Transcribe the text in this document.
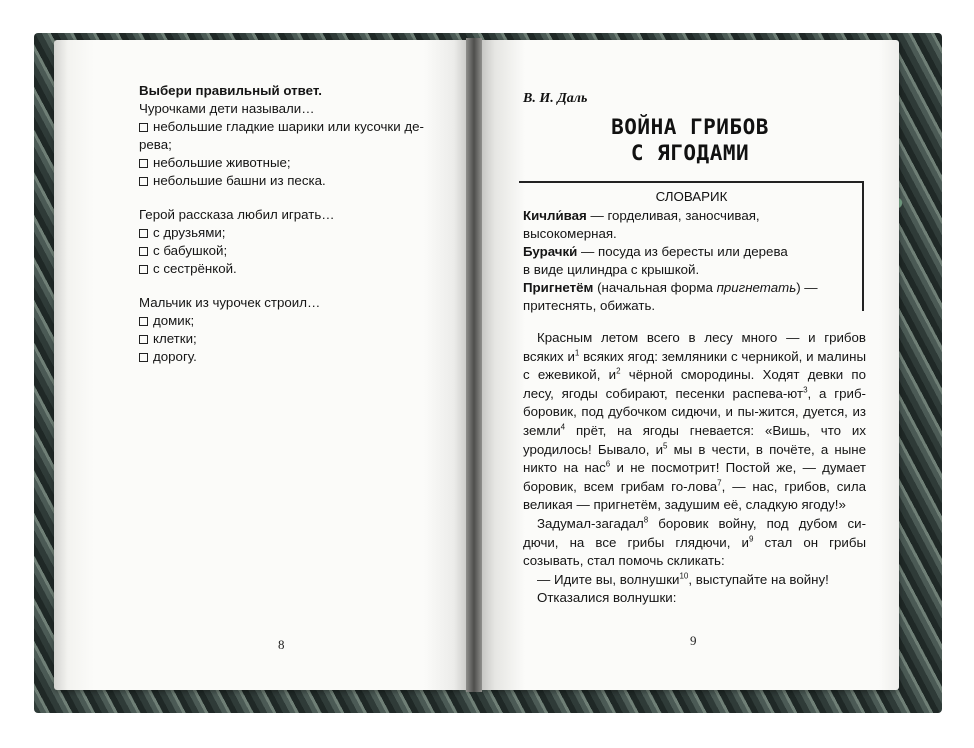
Выбери правильный ответ.
Чурочками дети называли…
небольшие гладкие шарики или кусочки де-
рева;
небольшие животные;
небольшие башни из песка.
Герой рассказа любил играть…
с друзьями;
с бабушкой;
с сестрёнкой.
Мальчик из чурочек строил…
домик;
клетки;
дорогу.
8
В. И. Даль
ВОЙНА ГРИБОВ
С ЯГОДАМИ
СЛОВАРИК
Кичли́вая — горделивая, заносчивая,
высокомерная.
Бурачки́ — посуда из бересты или дерева
в виде цилиндра с крышкой.
Пригнетём (начальная форма пригнетать) —
притеснять, обижать.

Красным летом всего в лесу много — и грибов всяких $и^1$ всяких ягод: земляники с черникой, и малины с ежевикой, $и^2$ чёрной смородины. Ходят девки по лесу, ягоды собирают, песенки распева-$ют^3$, а гриб-боровик, под дубочком сидючи, и пы-жится, дуется, из земли$^4$ прёт, на ягоды гневается: «Вишь, что их уродилось! Бывало, $и^5$ мы в чести, в почёте, а ныне никто на нас$^6$ и не посмотрит! Постой же, — думает боровик, всем грибам го-лова$^7$, — нас, грибов, сила великая — пригнетём, задушим её, сладкую ягоду!»

Задумал-загадал$^8$ боровик войну, под дубом си-дючи, на все грибы глядючи, $и^9$ стал он грибы созывать, стал помочь скликать:

— Идите вы, волнушки$^{10}$, выступайте на войну!

Отказалися волнушки:

9
